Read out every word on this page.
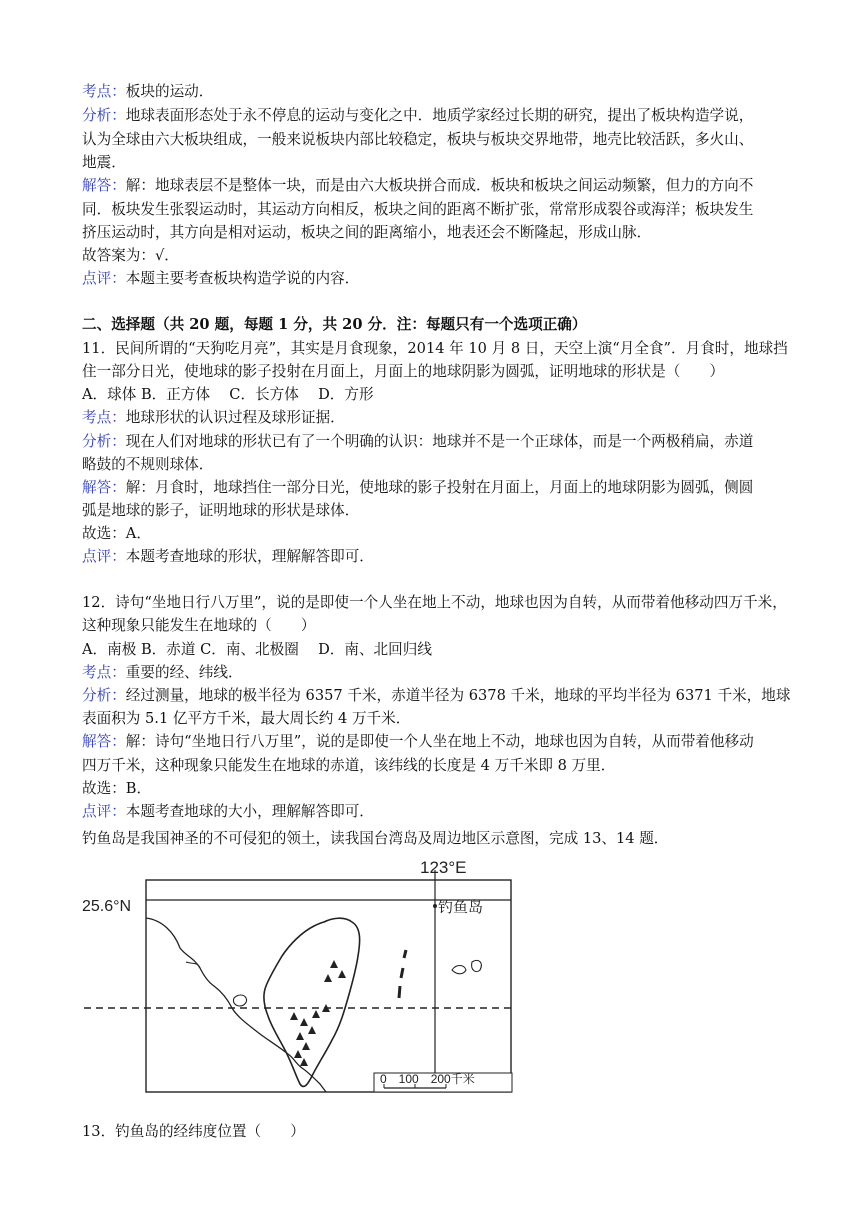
考点：板块的运动．
分析：地球表面形态处于永不停息的运动与变化之中．地质学家经过长期的研究，提出了板块构造学说，
认为全球由六大板块组成，一般来说板块内部比较稳定，板块与板块交界地带，地壳比较活跃，多火山、
地震．
解答：解：地球表层不是整体一块，而是由六大板块拼合而成．板块和板块之间运动频繁，但力的方向不
同．板块发生张裂运动时，其运动方向相反，板块之间的距离不断扩张，常常形成裂谷或海洋；板块发生
挤压运动时，其方向是相对运动，板块之间的距离缩小，地表还会不断隆起，形成山脉．
故答案为：√．
点评：本题主要考查板块构造学说的内容．
二、选择题（共 20 题，每题 1 分，共 20 分．注：每题只有一个选项正确）
11．民间所谓的“天狗吃月亮”，其实是月食现象，2014 年 10 月 8 日，天空上演“月全食”．月食时，地球挡
住一部分日光，使地球的影子投射在月面上，月面上的地球阴影为圆弧，证明地球的形状是（　　）
A．球体 B．正方体　 C．长方体　 D．方形
考点：地球形状的认识过程及球形证据．
分析：现在人们对地球的形状已有了一个明确的认识：地球并不是一个正球体，而是一个两极稍扁，赤道
略鼓的不规则球体．
解答：解：月食时，地球挡住一部分日光，使地球的影子投射在月面上，月面上的地球阴影为圆弧，侧圆
弧是地球的影子，证明地球的形状是球体．
故选：A．
点评：本题考查地球的形状，理解解答即可．
12．诗句“坐地日行八万里”，说的是即使一个人坐在地上不动，地球也因为自转，从而带着他移动四万千米，
这种现象只能发生在地球的（　　）
A．南极 B．赤道 C．南、北极圈　 D．南、北回归线
考点：重要的经、纬线．
分析：经过测量，地球的极半径为 6357 千米，赤道半径为 6378 千米，地球的平均半径为 6371 千米，地球
表面积为 5.1 亿平方千米，最大周长约 4 万千米．
解答：解：诗句“坐地日行八万里”，说的是即使一个人坐在地上不动，地球也因为自转，从而带着他移动
四万千米，这种现象只能发生在地球的赤道，该纬线的长度是 4 万千米即 8 万里．
故选：B．
点评：本题考查地球的大小，理解解答即可．
钓鱼岛是我国神圣的不可侵犯的领土，读我国台湾岛及周边地区示意图，完成 13、14 题．
123°E
25.6°N	钓鱼岛
0　100　200千米
13．钓鱼岛的经纬度位置（　　）
